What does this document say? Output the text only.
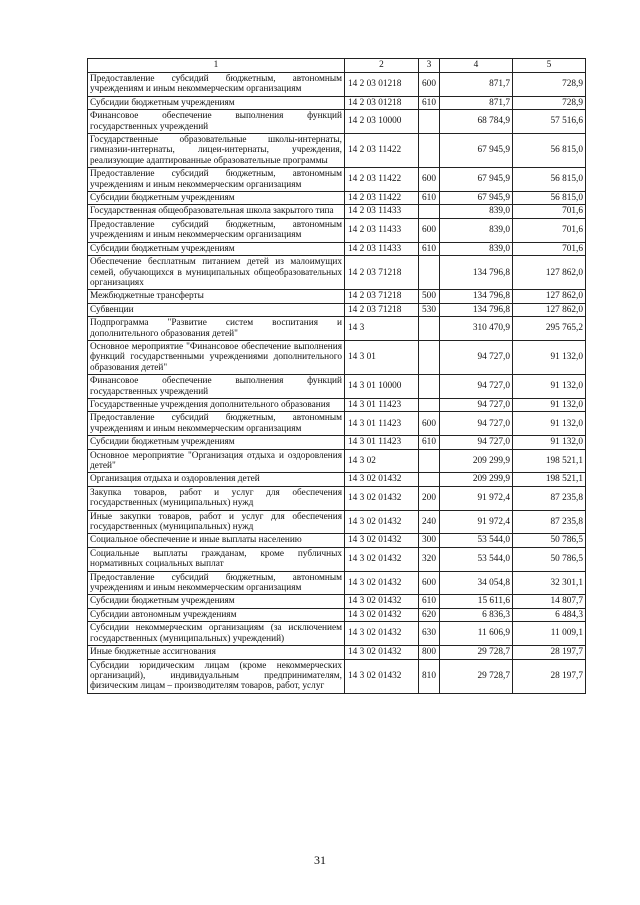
1	2	3	4	5
Предоставление субсидий бюджетным, автономным учреждениям и иным некоммерческим организациям	14 2 03 01218	600	871,7	728,9
Субсидии бюджетным учреждениям	14 2 03 01218	610	871,7	728,9
Финансовое обеспечение выполнения функций государственных учреждений	14 2 03 10000		68 784,9	57 516,6
Государственные образовательные школы-интернаты, гимназии-интернаты, лицеи-интернаты, учреждения, реализующие адаптированные образовательные программы	14 2 03 11422		67 945,9	56 815,0
Предоставление субсидий бюджетным, автономным учреждениям и иным некоммерческим организациям	14 2 03 11422	600	67 945,9	56 815,0
Субсидии бюджетным учреждениям	14 2 03 11422	610	67 945,9	56 815,0
Государственная общеобразовательная школа закрытого типа	14 2 03 11433		839,0	701,6
Предоставление субсидий бюджетным, автономным учреждениям и иным некоммерческим организациям	14 2 03 11433	600	839,0	701,6
Субсидии бюджетным учреждениям	14 2 03 11433	610	839,0	701,6
Обеспечение бесплатным питанием детей из малоимущих семей, обучающихся в муниципальных общеобразовательных организациях	14 2 03 71218		134 796,8	127 862,0
Межбюджетные трансферты	14 2 03 71218	500	134 796,8	127 862,0
Субвенции	14 2 03 71218	530	134 796,8	127 862,0
Подпрограмма "Развитие систем воспитания и дополнительного образования детей"	14 3		310 470,9	295 765,2
Основное мероприятие "Финансовое обеспечение выполнения функций государственными учреждениями дополнительного образования детей"	14 3 01		94 727,0	91 132,0
Финансовое обеспечение выполнения функций государственных учреждений	14 3 01 10000		94 727,0	91 132,0
Государственные учреждения дополнительного образования	14 3 01 11423		94 727,0	91 132,0
Предоставление субсидий бюджетным, автономным учреждениям и иным некоммерческим организациям	14 3 01 11423	600	94 727,0	91 132,0
Субсидии бюджетным учреждениям	14 3 01 11423	610	94 727,0	91 132,0
Основное мероприятие "Организация отдыха и оздоровления детей"	14 3 02		209 299,9	198 521,1
Организация отдыха и оздоровления детей	14 3 02 01432		209 299,9	198 521,1
Закупка товаров, работ и услуг для обеспечения государственных (муниципальных) нужд	14 3 02 01432	200	91 972,4	87 235,8
Иные закупки товаров, работ и услуг для обеспечения государственных (муниципальных) нужд	14 3 02 01432	240	91 972,4	87 235,8
Социальное обеспечение и иные выплаты населению	14 3 02 01432	300	53 544,0	50 786,5
Социальные выплаты гражданам, кроме публичных нормативных социальных выплат	14 3 02 01432	320	53 544,0	50 786,5
Предоставление субсидий бюджетным, автономным учреждениям и иным некоммерческим организациям	14 3 02 01432	600	34 054,8	32 301,1
Субсидии бюджетным учреждениям	14 3 02 01432	610	15 611,6	14 807,7
Субсидии автономным учреждениям	14 3 02 01432	620	6 836,3	6 484,3
Субсидии некоммерческим организациям (за исключением государственных (муниципальных) учреждений)	14 3 02 01432	630	11 606,9	11 009,1
Иные бюджетные ассигнования	14 3 02 01432	800	29 728,7	28 197,7
Субсидии юридическим лицам (кроме некоммерческих организаций), индивидуальным предпринимателям, физическим лицам – производителям товаров, работ, услуг	14 3 02 01432	810	29 728,7	28 197,7
31
